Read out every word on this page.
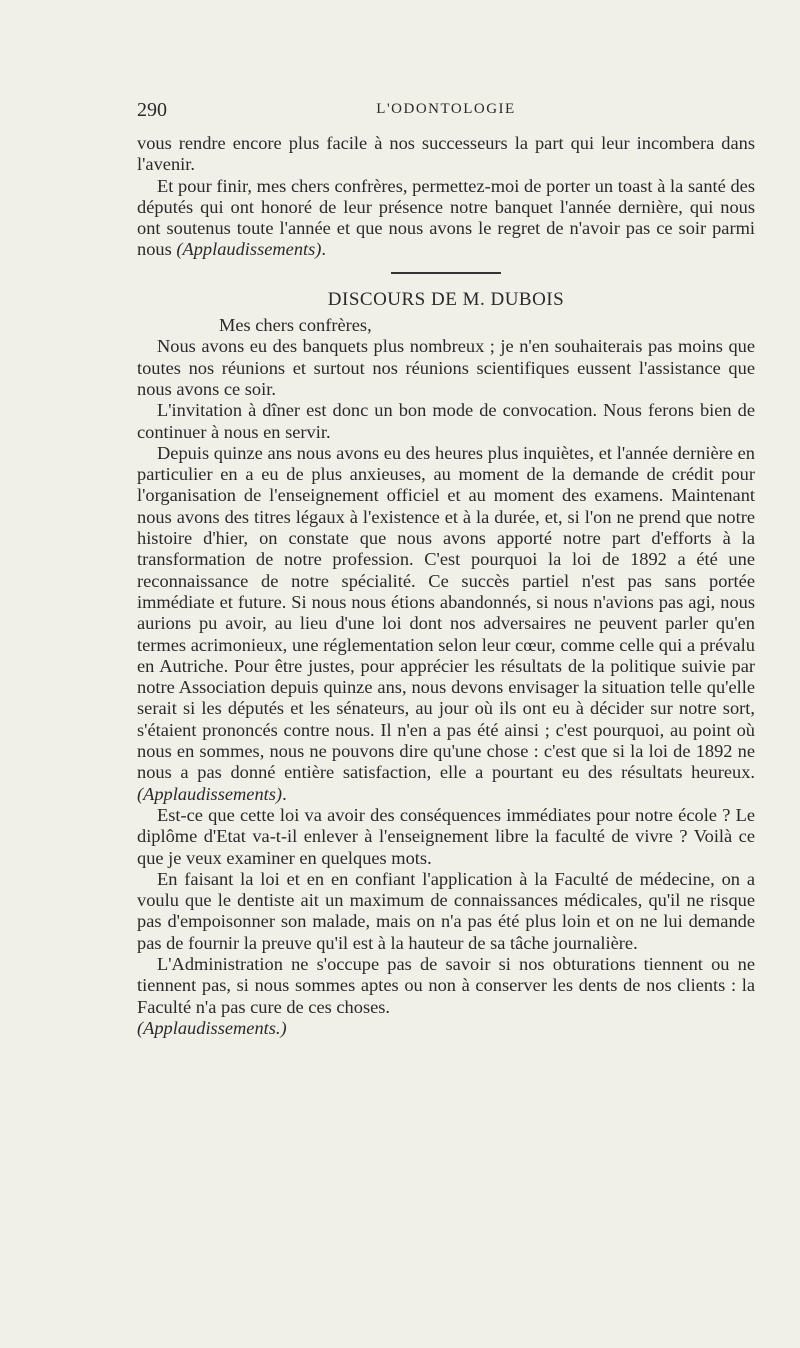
290	L'ODONTOLOGIE

vous rendre encore plus facile à nos successeurs la part qui leur incombera dans l'avenir.

Et pour finir, mes chers confrères, permettez-moi de porter un toast à la santé des députés qui ont honoré de leur présence notre banquet l'année dernière, qui nous ont soutenus toute l'année et que nous avons le regret de n'avoir pas ce soir parmi nous (Applaudissements).

DISCOURS DE M. DUBOIS

Mes chers confrères,

Nous avons eu des banquets plus nombreux ; je n'en souhaiterais pas moins que toutes nos réunions et surtout nos réunions scientifiques eussent l'assistance que nous avons ce soir.

L'invitation à dîner est donc un bon mode de convocation. Nous ferons bien de continuer à nous en servir.

Depuis quinze ans nous avons eu des heures plus inquiètes, et l'année dernière en particulier en a eu de plus anxieuses, au moment de la demande de crédit pour l'organisation de l'enseignement officiel et au moment des examens. Maintenant nous avons des titres légaux à l'existence et à la durée, et, si l'on ne prend que notre histoire d'hier, on constate que nous avons apporté notre part d'efforts à la transformation de notre profession. C'est pourquoi la loi de 1892 a été une reconnaissance de notre spécialité. Ce succès partiel n'est pas sans portée immédiate et future. Si nous nous étions abandonnés, si nous n'avions pas agi, nous aurions pu avoir, au lieu d'une loi dont nos adversaires ne peuvent parler qu'en termes acrimonieux, une réglementation selon leur cœur, comme celle qui a prévalu en Autriche. Pour être justes, pour apprécier les résultats de la politique suivie par notre Association depuis quinze ans, nous devons envisager la situation telle qu'elle serait si les députés et les sénateurs, au jour où ils ont eu à décider sur notre sort, s'étaient prononcés contre nous. Il n'en a pas été ainsi ; c'est pourquoi, au point où nous en sommes, nous ne pouvons dire qu'une chose : c'est que si la loi de 1892 ne nous a pas donné entière satisfaction, elle a pourtant eu des résultats heureux. (Applaudissements).

Est-ce que cette loi va avoir des conséquences immédiates pour notre école ? Le diplôme d'Etat va-t-il enlever à l'enseignement libre la faculté de vivre ? Voilà ce que je veux examiner en quelques mots.

En faisant la loi et en en confiant l'application à la Faculté de médecine, on a voulu que le dentiste ait un maximum de connaissances médicales, qu'il ne risque pas d'empoisonner son malade, mais on n'a pas été plus loin et on ne lui demande pas de fournir la preuve qu'il est à la hauteur de sa tâche journalière.

L'Administration ne s'occupe pas de savoir si nos obturations tiennent ou ne tiennent pas, si nous sommes aptes ou non à conserver les dents de nos clients : la Faculté n'a pas cure de ces choses.

(Applaudissements.)
